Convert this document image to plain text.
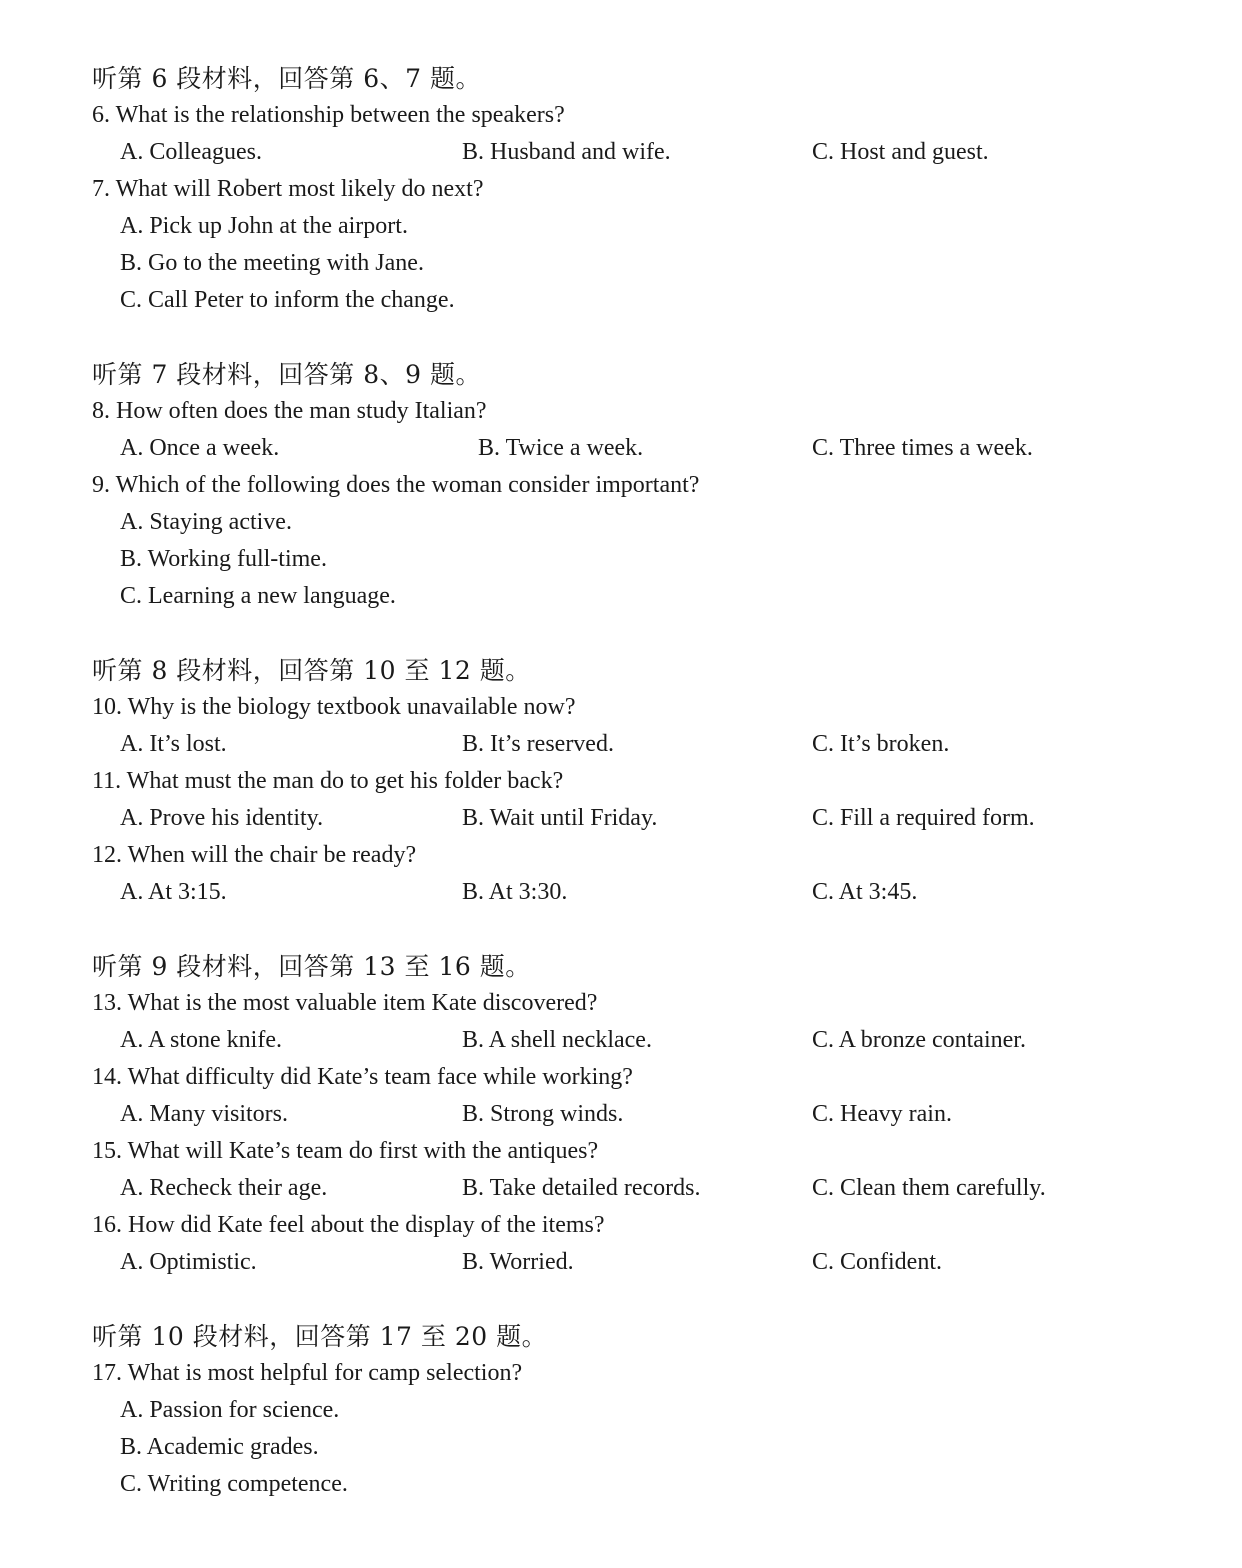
听第 6 段材料，回答第 6、7 题。
6. What is the relationship between the speakers?
A. Colleagues.	B. Husband and wife.	C. Host and guest.
7. What will Robert most likely do next?
A. Pick up John at the airport.
B. Go to the meeting with Jane.
C. Call Peter to inform the change.
听第 7 段材料，回答第 8、9 题。
8. How often does the man study Italian?
A. Once a week.	B. Twice a week.	C. Three times a week.
9. Which of the following does the woman consider important?
A. Staying active.
B. Working full-time.
C. Learning a new language.
听第 8 段材料，回答第 10 至 12 题。
10. Why is the biology textbook unavailable now?
A. It’s lost.	B. It’s reserved.	C. It’s broken.
11. What must the man do to get his folder back?
A. Prove his identity.	B. Wait until Friday.	C. Fill a required form.
12. When will the chair be ready?
A. At 3:15.	B. At 3:30.	C. At 3:45.
听第 9 段材料，回答第 13 至 16 题。
13. What is the most valuable item Kate discovered?
A. A stone knife.	B. A shell necklace.	C. A bronze container.
14. What difficulty did Kate’s team face while working?
A. Many visitors.	B. Strong winds.	C. Heavy rain.
15. What will Kate’s team do first with the antiques?
A. Recheck their age.	B. Take detailed records.	C. Clean them carefully.
16. How did Kate feel about the display of the items?
A. Optimistic.	B. Worried.	C. Confident.
听第 10 段材料，回答第 17 至 20 题。
17. What is most helpful for camp selection?
A. Passion for science.
B. Academic grades.
C. Writing competence.
